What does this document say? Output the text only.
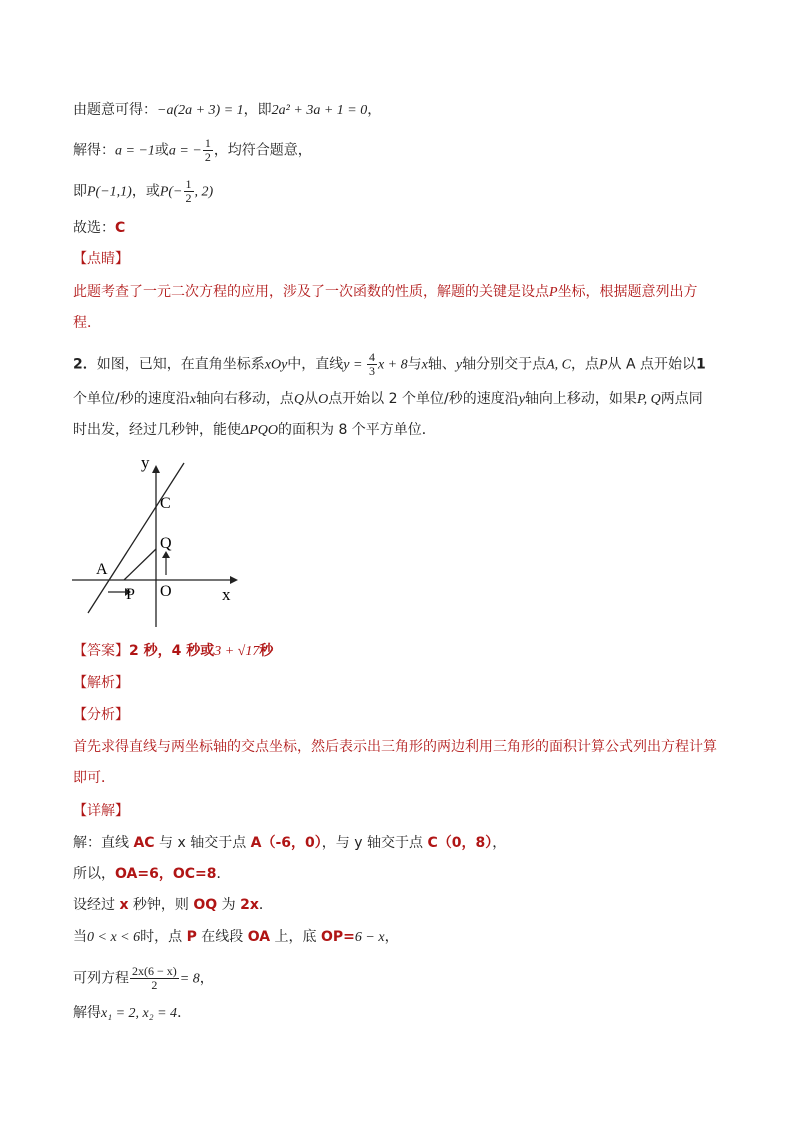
由题意可得：−a(2a + 3) = 1，即2a² + 3a + 1 = 0，
解得：a = −1或a = − $\frac{1}{2}$ ，均符合题意，
即P(−1,1)，或$P(- \frac{1}{2}$ , 2)
故选：C
【点睛】
此题考查了一元二次方程的应用，涉及了一次函数的性质，解题的关键是设点P坐标，根据题意列出方
程．
2．如图，已知，在直角坐标系xOy中，直线$y = \frac{4}{3}$ x + 8与x轴、y轴分别交于点A, C，点P从 A 点开始以1
个单位/秒的速度沿x轴向右移动，点Q从O点开始以 2 个单位/秒的速度沿y轴向上移动，如果P, Q两点同
时出发，经过几秒钟，能使ΔPQO的面积为 8 个平方单位．
y
x
C
Q
A
O
P
【答案】2 秒，4 秒或3 + √17秒
【解析】
【分析】
首先求得直线与两坐标轴的交点坐标，然后表示出三角形的两边利用三角形的面积计算公式列出方程计算
即可．
【详解】
解：直线 AC 与 x 轴交于点 A（-6，0），与 y 轴交于点 C（0，8），
所以，OA=6，OC=8．
设经过 x 秒钟，则 OQ 为 2x．
当0 < x < 6时，点 P 在线段 OA 上，底 OP=6 − x，
可列方程 $\frac{2x(6 - x)}{2} = 8$，
解得x₁ = 2, x₂ = 4．
